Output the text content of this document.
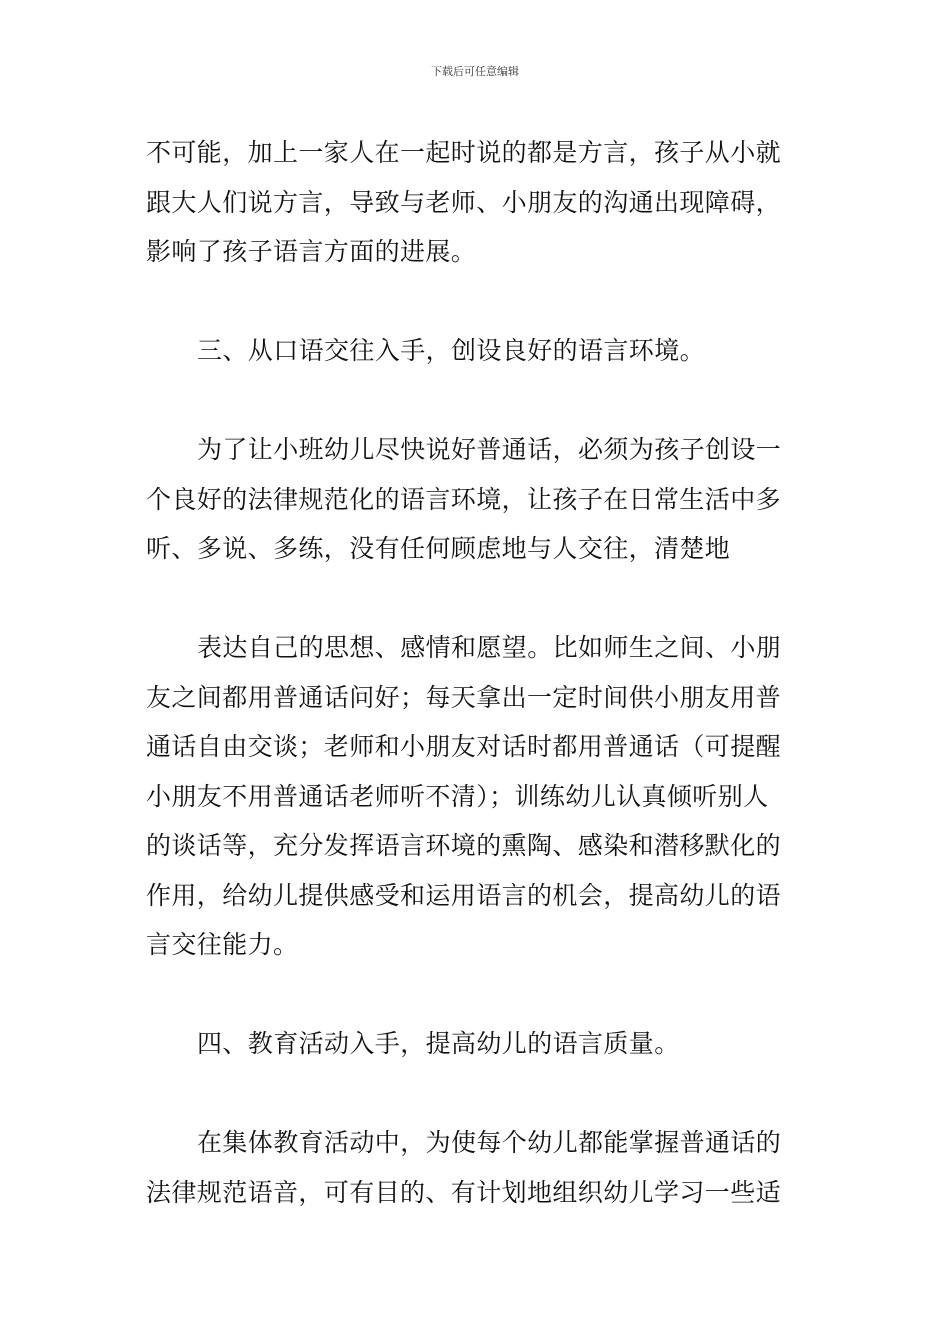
下载后可任意编辑
不可能，加上一家人在一起时说的都是方言，孩子从小就
跟大人们说方言，导致与老师、小朋友的沟通出现障碍，
影响了孩子语言方面的进展。
三、从口语交往入手，创设良好的语言环境。
为了让小班幼儿尽快说好普通话，必须为孩子创设一
个良好的法律规范化的语言环境，让孩子在日常生活中多
听、多说、多练，没有任何顾虑地与人交往，清楚地
表达自己的思想、感情和愿望。比如师生之间、小朋
友之间都用普通话问好；每天拿出一定时间供小朋友用普
通话自由交谈；老师和小朋友对话时都用普通话（可提醒
小朋友不用普通话老师听不清）；训练幼儿认真倾听别人
的谈话等，充分发挥语言环境的熏陶、感染和潜移默化的
作用，给幼儿提供感受和运用语言的机会，提高幼儿的语
言交往能力。
四、教育活动入手，提高幼儿的语言质量。
在集体教育活动中，为使每个幼儿都能掌握普通话的
法律规范语音，可有目的、有计划地组织幼儿学习一些适
